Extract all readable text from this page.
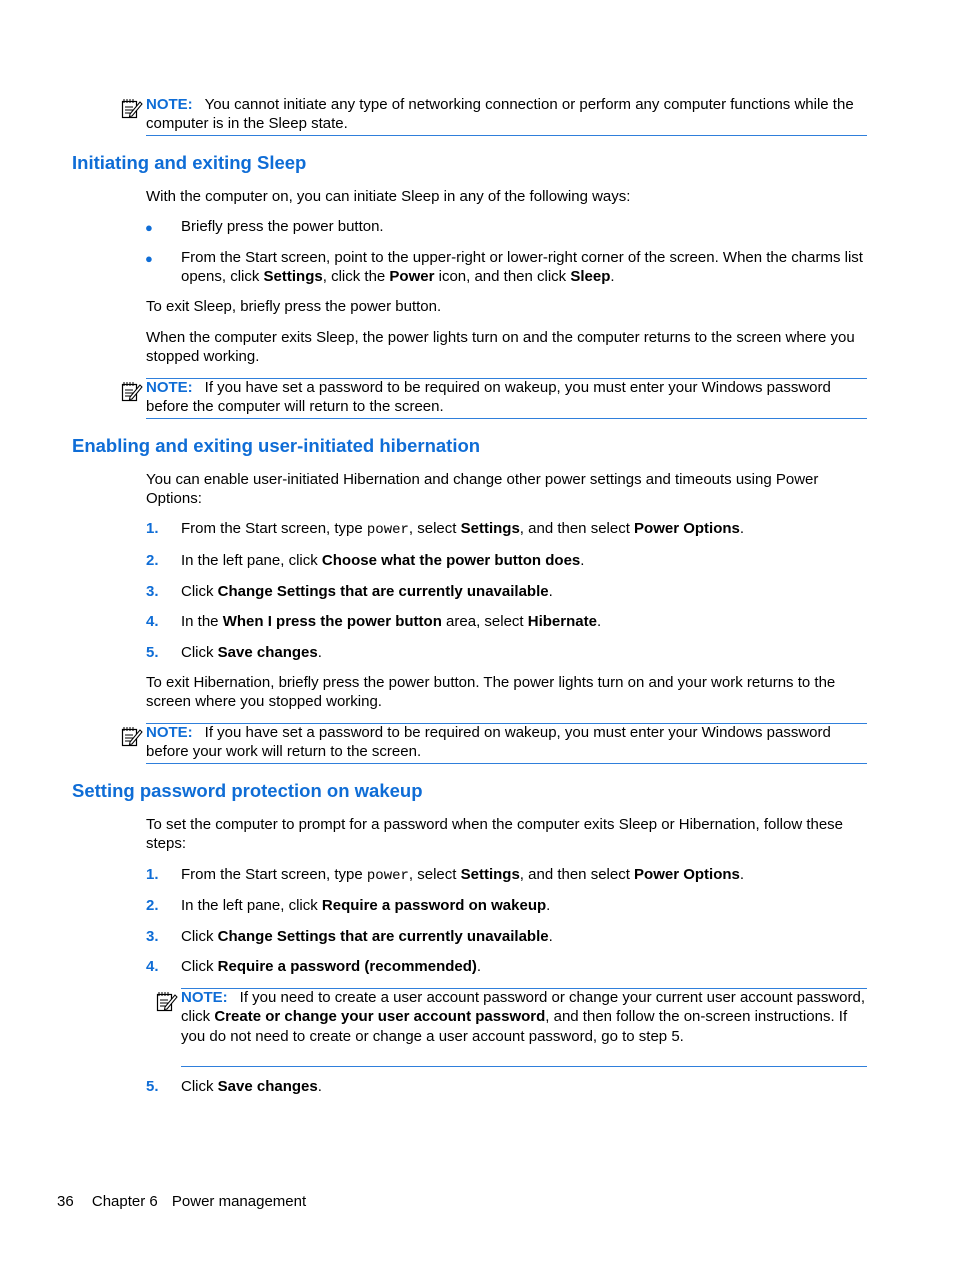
NOTE: You cannot initiate any type of networking connection or perform any computer functions while the computer is in the Sleep state.
Initiating and exiting Sleep
With the computer on, you can initiate Sleep in any of the following ways:
● Briefly press the power button.
● From the Start screen, point to the upper-right or lower-right corner of the screen. When the charms list opens, click Settings, click the Power icon, and then click Sleep.
To exit Sleep, briefly press the power button.
When the computer exits Sleep, the power lights turn on and the computer returns to the screen where you stopped working.
NOTE: If you have set a password to be required on wakeup, you must enter your Windows password before the computer will return to the screen.
Enabling and exiting user-initiated hibernation
You can enable user-initiated Hibernation and change other power settings and timeouts using Power Options:
1. From the Start screen, type power, select Settings, and then select Power Options.
2. In the left pane, click Choose what the power button does.
3. Click Change Settings that are currently unavailable.
4. In the When I press the power button area, select Hibernate.
5. Click Save changes.
To exit Hibernation, briefly press the power button. The power lights turn on and your work returns to the screen where you stopped working.
NOTE: If you have set a password to be required on wakeup, you must enter your Windows password before your work will return to the screen.
Setting password protection on wakeup
To set the computer to prompt for a password when the computer exits Sleep or Hibernation, follow these steps:
1. From the Start screen, type power, select Settings, and then select Power Options.
2. In the left pane, click Require a password on wakeup.
3. Click Change Settings that are currently unavailable.
4. Click Require a password (recommended).
NOTE: If you need to create a user account password or change your current user account password, click Create or change your user account password, and then follow the on-screen instructions. If you do not need to create or change a user account password, go to step 5.
5. Click Save changes.
36 Chapter 6 Power management
